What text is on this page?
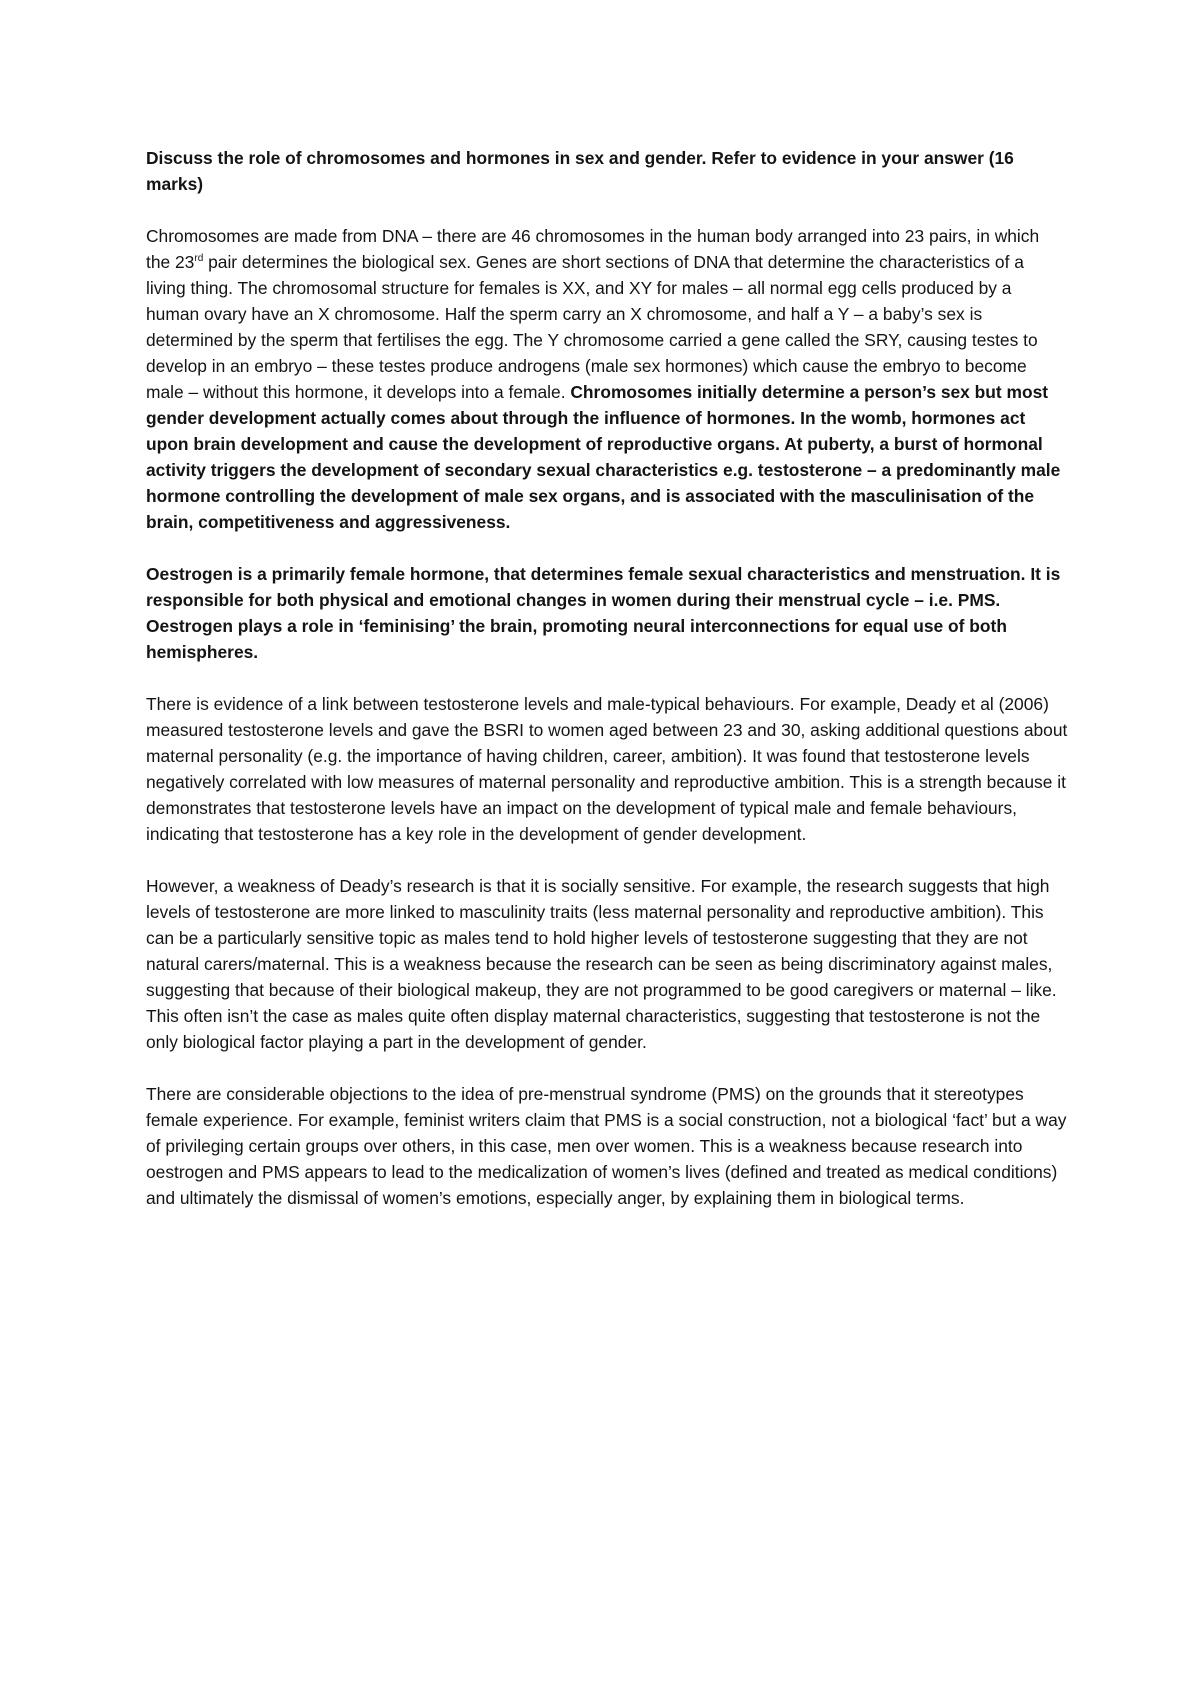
Discuss the role of chromosomes and hormones in sex and gender. Refer to evidence in your answer (16 marks)

Chromosomes are made from DNA – there are 46 chromosomes in the human body arranged into 23 pairs, in which the 23rd pair determines the biological sex. Genes are short sections of DNA that determine the characteristics of a living thing. The chromosomal structure for females is XX, and XY for males – all normal egg cells produced by a human ovary have an X chromosome. Half the sperm carry an X chromosome, and half a Y – a baby’s sex is determined by the sperm that fertilises the egg. The Y chromosome carried a gene called the SRY, causing testes to develop in an embryo – these testes produce androgens (male sex hormones) which cause the embryo to become male – without this hormone, it develops into a female. Chromosomes initially determine a person’s sex but most gender development actually comes about through the influence of hormones. In the womb, hormones act upon brain development and cause the development of reproductive organs. At puberty, a burst of hormonal activity triggers the development of secondary sexual characteristics e.g. testosterone – a predominantly male hormone controlling the development of male sex organs, and is associated with the masculinisation of the brain, competitiveness and aggressiveness.

Oestrogen is a primarily female hormone, that determines female sexual characteristics and menstruation. It is responsible for both physical and emotional changes in women during their menstrual cycle – i.e. PMS. Oestrogen plays a role in ‘feminising’ the brain, promoting neural interconnections for equal use of both hemispheres.

There is evidence of a link between testosterone levels and male-typical behaviours. For example, Deady et al (2006) measured testosterone levels and gave the BSRI to women aged between 23 and 30, asking additional questions about maternal personality (e.g. the importance of having children, career, ambition). It was found that testosterone levels negatively correlated with low measures of maternal personality and reproductive ambition. This is a strength because it demonstrates that testosterone levels have an impact on the development of typical male and female behaviours, indicating that testosterone has a key role in the development of gender development.

However, a weakness of Deady’s research is that it is socially sensitive. For example, the research suggests that high levels of testosterone are more linked to masculinity traits (less maternal personality and reproductive ambition). This can be a particularly sensitive topic as males tend to hold higher levels of testosterone suggesting that they are not natural carers/maternal. This is a weakness because the research can be seen as being discriminatory against males, suggesting that because of their biological makeup, they are not programmed to be good caregivers or maternal – like. This often isn’t the case as males quite often display maternal characteristics, suggesting that testosterone is not the only biological factor playing a part in the development of gender.

There are considerable objections to the idea of pre-menstrual syndrome (PMS) on the grounds that it stereotypes female experience. For example, feminist writers claim that PMS is a social construction, not a biological ‘fact’ but a way of privileging certain groups over others, in this case, men over women. This is a weakness because research into oestrogen and PMS appears to lead to the medicalization of women’s lives (defined and treated as medical conditions) and ultimately the dismissal of women’s emotions, especially anger, by explaining them in biological terms.
